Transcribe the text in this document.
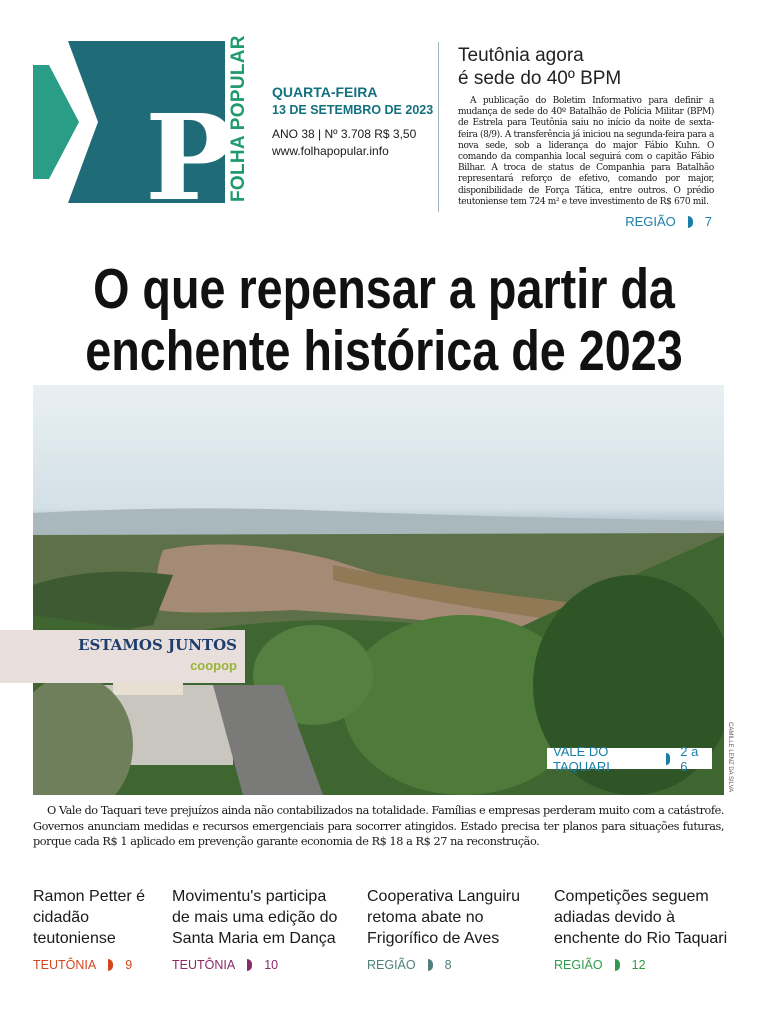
P
FOLHA POPULAR QUARTA-FEIRA
13 DE SETEMBRO DE 2023
ANO 38 | Nº 3.708 R$ 3,50
www.folhapopular.info
Teutônia agora
é sede do 40º BPM

A publicação do Boletim Informativo para definir a mudança de sede do 40º Batalhão de Polícia Militar (BPM) de Estrela para Teutônia saiu no início da noite de sexta-feira (8/9). A transferência já iniciou na segunda-feira para a nova sede, sob a liderança do major Fábio Kuhn. O comando da companhia local seguirá com o capitão Fábio Bilhar. A troca de status de Companhia para Batalhão representará reforço de efetivo, comando por major, disponibilidade de Força Tática, entre outros. O prédio teutoniense tem 724 m² e teve investimento de R$ 670 mil.

REGIÃO 7
O que repensar a partir da
enchente histórica de 2023
CAMILLE LENZ DA SILVA
ESTAMOS JUNTOS
coopop
VALE DO TAQUARI
2 a 6

O Vale do Taquari teve prejuízos ainda não contabilizados na totalidade. Famílias e empresas perderam muito com a catástrofe. Governos anunciam medidas e recursos emergenciais para socorrer atingidos. Estado precisa ter planos para situações futuras, porque cada R$ 1 aplicado em prevenção garante economia de R$ 18 a R$ 27 na reconstrução.

Ramon Petter é cidadão teutoniense
TEUTÔNIA 9
Movimentu's participa de mais uma edição do Santa Maria em Dança
TEUTÔNIA 10
Cooperativa Languiru retoma abate no Frigorífico de Aves
REGIÃO 8
Competições seguem adiadas devido à enchente do Rio Taquari
REGIÃO 12
